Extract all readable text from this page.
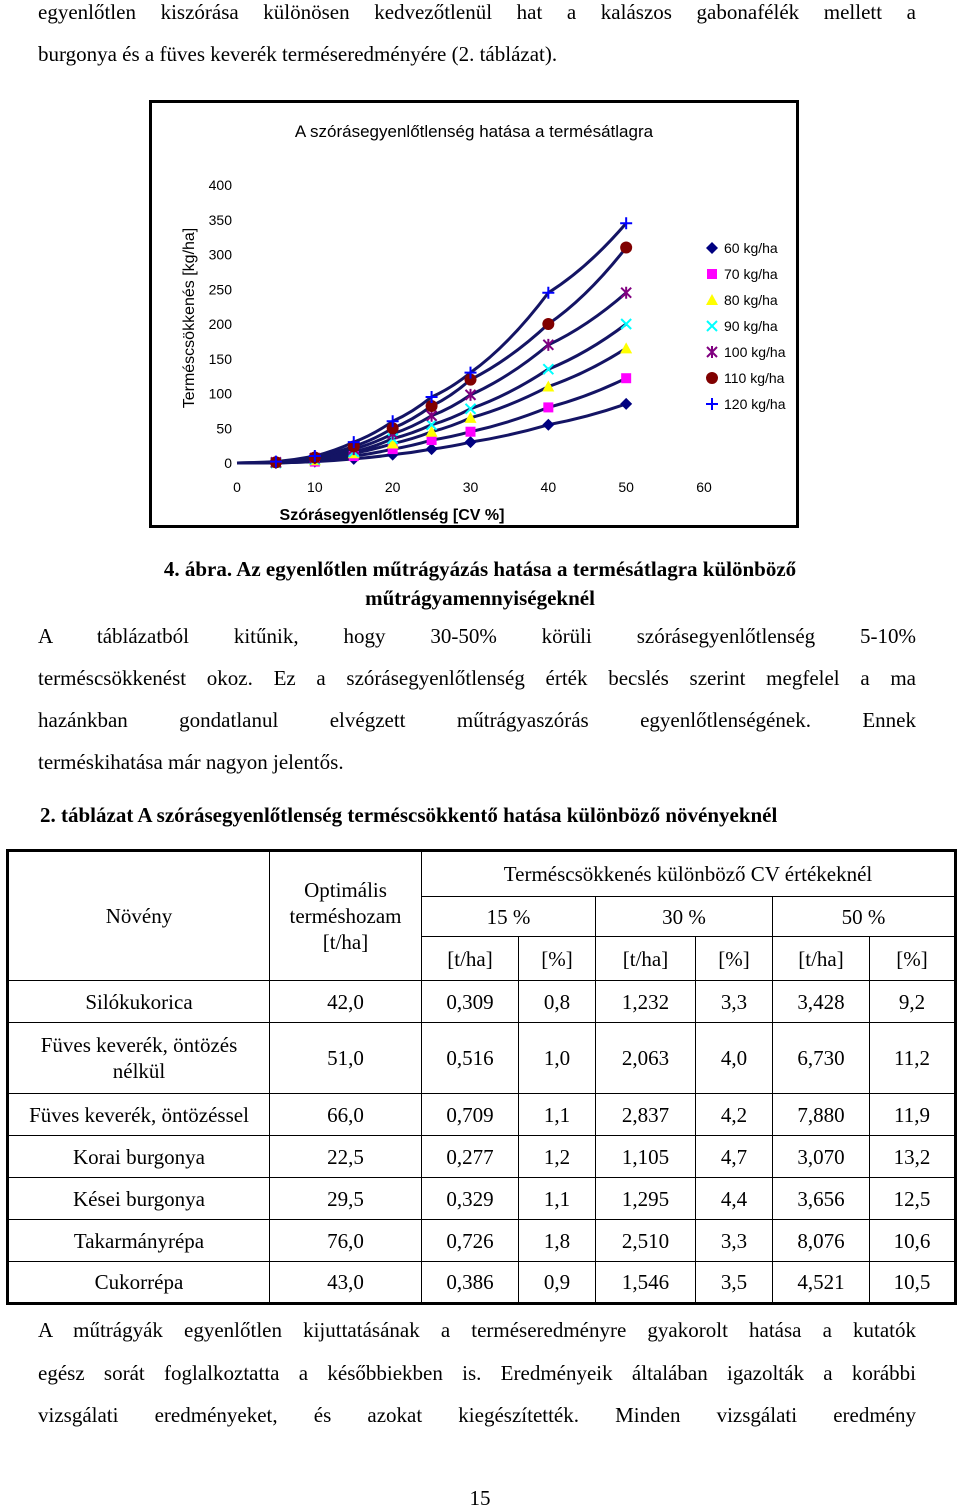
egyenlőtlen kiszórása különösen kedvezőtlenül hat a kalászos gabonafélék mellett a

burgonya és a füves keverék terméseredményére (2. táblázat).

A szórásegyenlőtlenség hatása a termésátlagra
Terméscsökkenés [kg/ha]
Szórásegyenlőtlenség [CV %]
0
50
100
150
200
250
300
350
400
0	10	20	30	40	50	60
60 kg/ha
70 kg/ha
80 kg/ha
90 kg/ha
100 kg/ha
110 kg/ha
120 kg/ha
4. ábra. Az egyenlőtlen műtrágyázás hatása a termésátlagra különböző
műtrágyamennyiségeknél

A táblázatból kitűnik, hogy 30-50% körüli szórásegyenlőtlenség 5-10%

terméscsökkenést okoz. Ez a szórásegyenlőtlenség érték becslés szerint megfelel a ma

hazánkban gondatlanul elvégzett műtrágyaszórás egyenlőtlenségének. Ennek

terméskihatása már nagyon jelentős.

2. táblázat A szórásegyenlőtlenség terméscsökkentő hatása különböző növényeknél
Növény	Optimális terméshozam [t/ha]	Terméscsökkenés különböző CV értékeknél					
		15 %		30 %		50 %	
		[t/ha]	[%]	[t/ha]	[%]	[t/ha]	[%]
Silókukorica	42,0	0,309	0,8	1,232	3,3	3,428	9,2
Füves keverék, öntözés nélkül	51,0	0,516	1,0	2,063	4,0	6,730	11,2
Füves keverék, öntözéssel	66,0	0,709	1,1	2,837	4,2	7,880	11,9
Korai burgonya	22,5	0,277	1,2	1,105	4,7	3,070	13,2
Kései burgonya	29,5	0,329	1,1	1,295	4,4	3,656	12,5
Takarmányrépa	76,0	0,726	1,8	2,510	3,3	8,076	10,6
Cukorrépa	43,0	0,386	0,9	1,546	3,5	4,521	10,5

A műtrágyák egyenlőtlen kijuttatásának a terméseredményre gyakorolt hatása a kutatók

egész sorát foglalkoztatta a későbbiekben is. Eredményeik általában igazolták a korábbi

vizsgálati eredményeket, és azokat kiegészítették. Minden vizsgálati eredmény

15
